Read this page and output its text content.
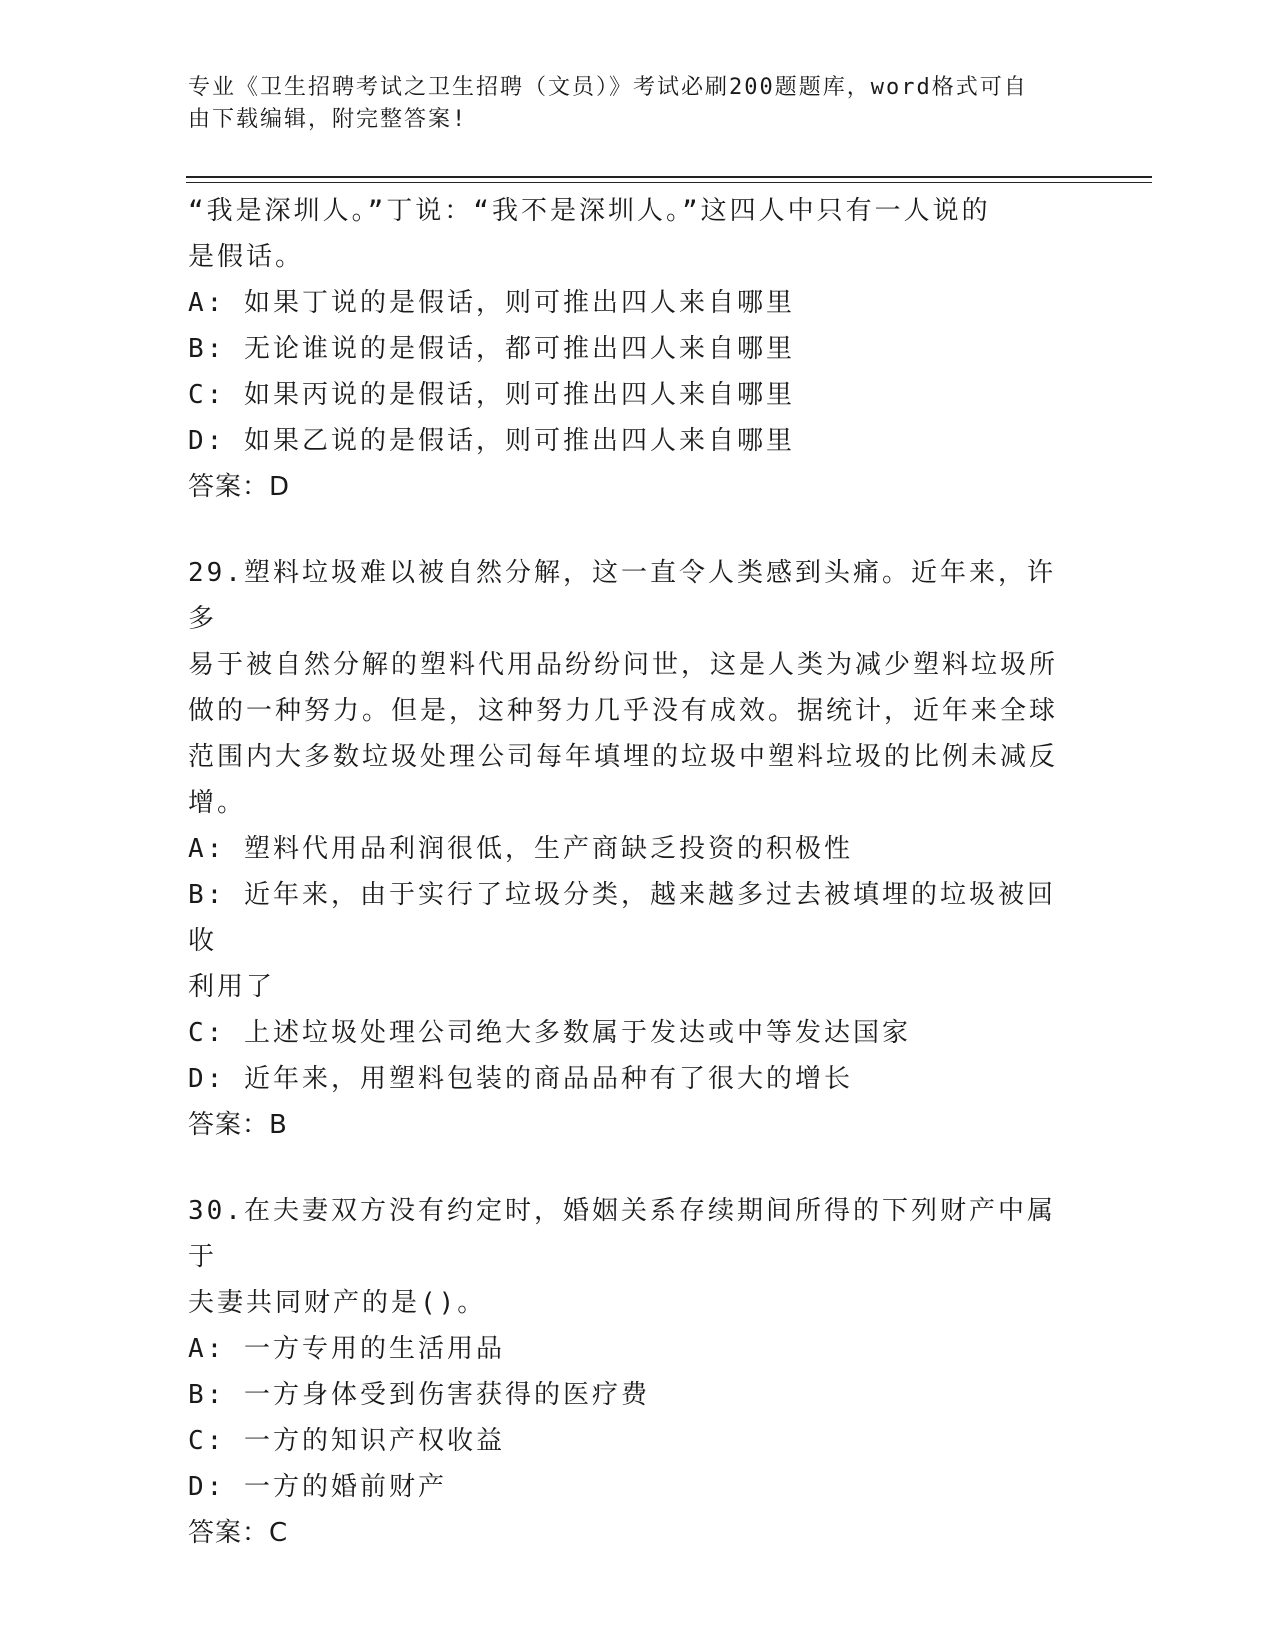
专业《卫生招聘考试之卫生招聘（文员）》考试必刷200题题库，word格式可自
由下载编辑，附完整答案!

“我是深圳人。”丁说：“我不是深圳人。”这四人中只有一人说的

是假话。

A: 如果丁说的是假话，则可推出四人来自哪里

B: 无论谁说的是假话，都可推出四人来自哪里

C: 如果丙说的是假话，则可推出四人来自哪里

D: 如果乙说的是假话，则可推出四人来自哪里

答案：D

29.塑料垃圾难以被自然分解，这一直令人类感到头痛。近年来，许多

易于被自然分解的塑料代用品纷纷问世，这是人类为减少塑料垃圾所

做的一种努力。但是，这种努力几乎没有成效。据统计，近年来全球

范围内大多数垃圾处理公司每年填埋的垃圾中塑料垃圾的比例未减反

增。

A: 塑料代用品利润很低，生产商缺乏投资的积极性

B: 近年来，由于实行了垃圾分类，越来越多过去被填埋的垃圾被回收

利用了

C: 上述垃圾处理公司绝大多数属于发达或中等发达国家

D: 近年来，用塑料包装的商品品种有了很大的增长

答案：B

30.在夫妻双方没有约定时，婚姻关系存续期间所得的下列财产中属于

夫妻共同财产的是()。

A: 一方专用的生活用品

B: 一方身体受到伤害获得的医疗费

C: 一方的知识产权收益

D: 一方的婚前财产

答案：C
